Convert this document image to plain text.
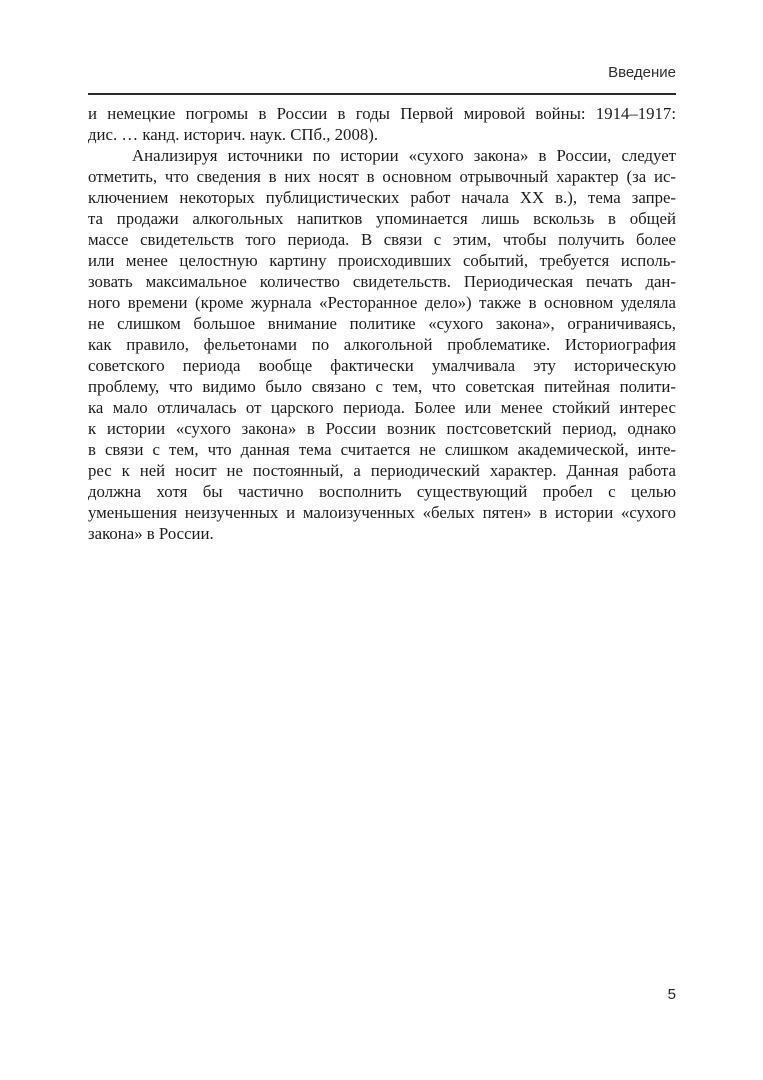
Введение
и немецкие погромы в России в годы Первой мировой войны: 1914–1917:
дис. … канд. историч. наук. СПб., 2008).
Анализируя источники по истории «сухого закона» в России, следует
отметить, что сведения в них носят в основном отрывочный характер (за ис-
ключением некоторых публицистических работ начала XX в.), тема запре-
та продажи алкогольных напитков упоминается лишь вскользь в общей
массе свидетельств того периода. В связи с этим, чтобы получить более
или менее целостную картину происходивших событий, требуется исполь-
зовать максимальное количество свидетельств. Периодическая печать дан-
ного времени (кроме журнала «Ресторанное дело») также в основном уделяла
не слишком большое внимание политике «сухого закона», ограничиваясь,
как правило, фельетонами по алкогольной проблематике. Историография
советского периода вообще фактически умалчивала эту историческую
проблему, что видимо было связано с тем, что советская питейная полити-
ка мало отличалась от царского периода. Более или менее стойкий интерес
к истории «сухого закона» в России возник постсоветский период, однако
в связи с тем, что данная тема считается не слишком академической, инте-
рес к ней носит не постоянный, а периодический характер. Данная работа
должна хотя бы частично восполнить существующий пробел с целью
уменьшения неизученных и малоизученных «белых пятен» в истории «сухого
закона» в России.
5
